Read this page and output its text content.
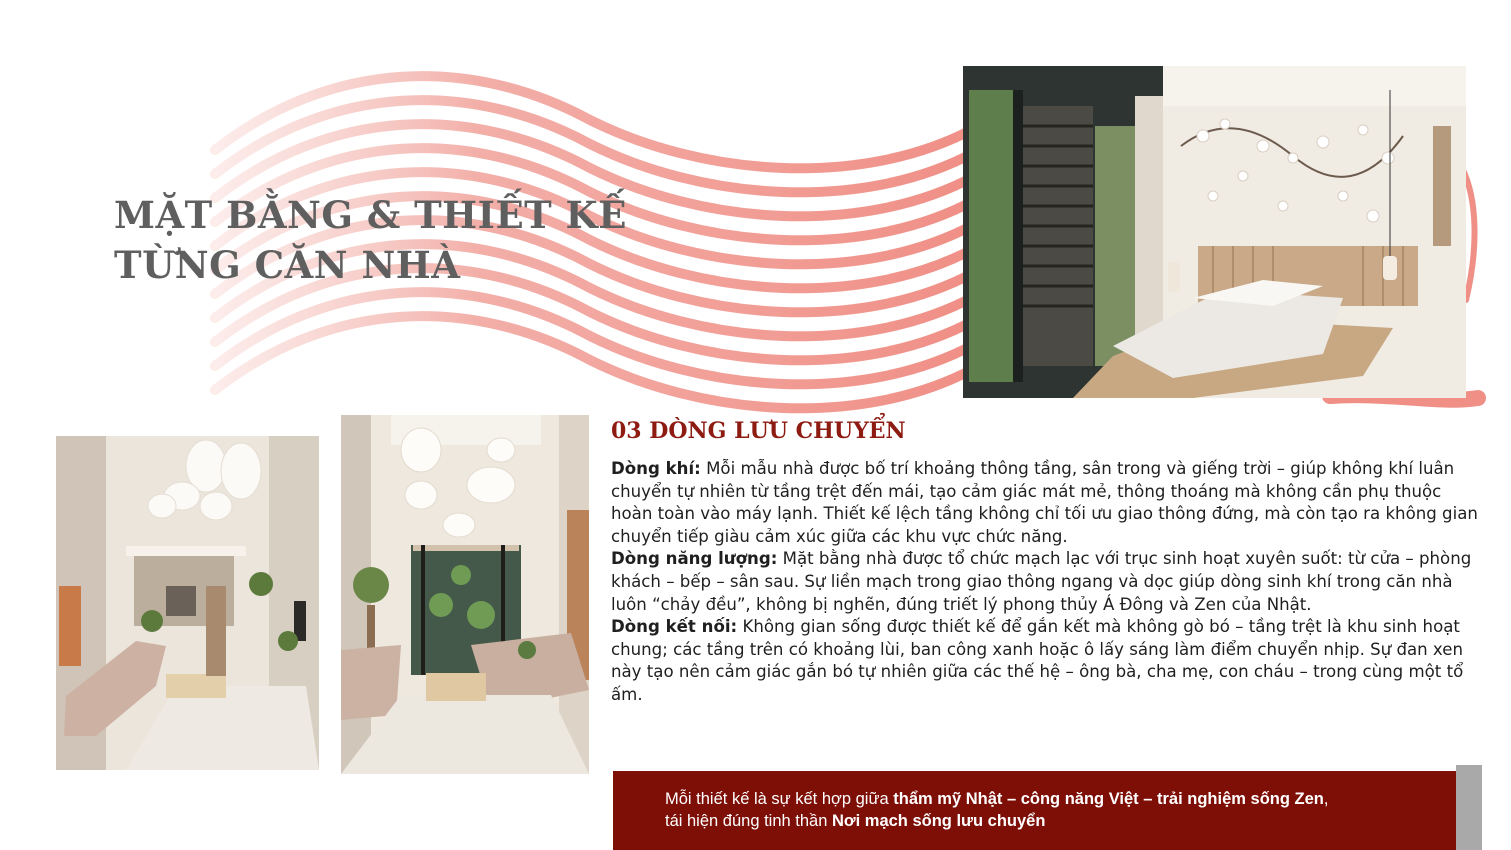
MẶT BẰNG & THIẾT KẾ
TỪNG CĂN NHÀ
03 DÒNG LƯU CHUYỂN

Dòng khí: Mỗi mẫu nhà được bố trí khoảng thông tầng, sân trong và giếng trời – giúp không khí luân chuyển tự nhiên từ tầng trệt đến mái, tạo cảm giác mát mẻ, thông thoáng mà không cần phụ thuộc hoàn toàn vào máy lạnh. Thiết kế lệch tầng không chỉ tối ưu giao thông đứng, mà còn tạo ra không gian chuyển tiếp giàu cảm xúc giữa các khu vực chức năng.

Dòng năng lượng: Mặt bằng nhà được tổ chức mạch lạc với trục sinh hoạt xuyên suốt: từ cửa – phòng khách – bếp – sân sau. Sự liền mạch trong giao thông ngang và dọc giúp dòng sinh khí trong căn nhà luôn “chảy đều”, không bị nghẽn, đúng triết lý phong thủy Á Đông và Zen của Nhật.

Dòng kết nối: Không gian sống được thiết kế để gắn kết mà không gò bó – tầng trệt là khu sinh hoạt chung; các tầng trên có khoảng lùi, ban công xanh hoặc ô lấy sáng làm điểm chuyển nhịp. Sự đan xen này tạo nên cảm giác gắn bó tự nhiên giữa các thế hệ – ông bà, cha mẹ, con cháu – trong cùng một tổ ấm.

Mỗi thiết kế là sự kết hợp giữa thẩm mỹ Nhật – công năng Việt – trải nghiệm sống Zen,
tái hiện đúng tinh thần Nơi mạch sống lưu chuyển
